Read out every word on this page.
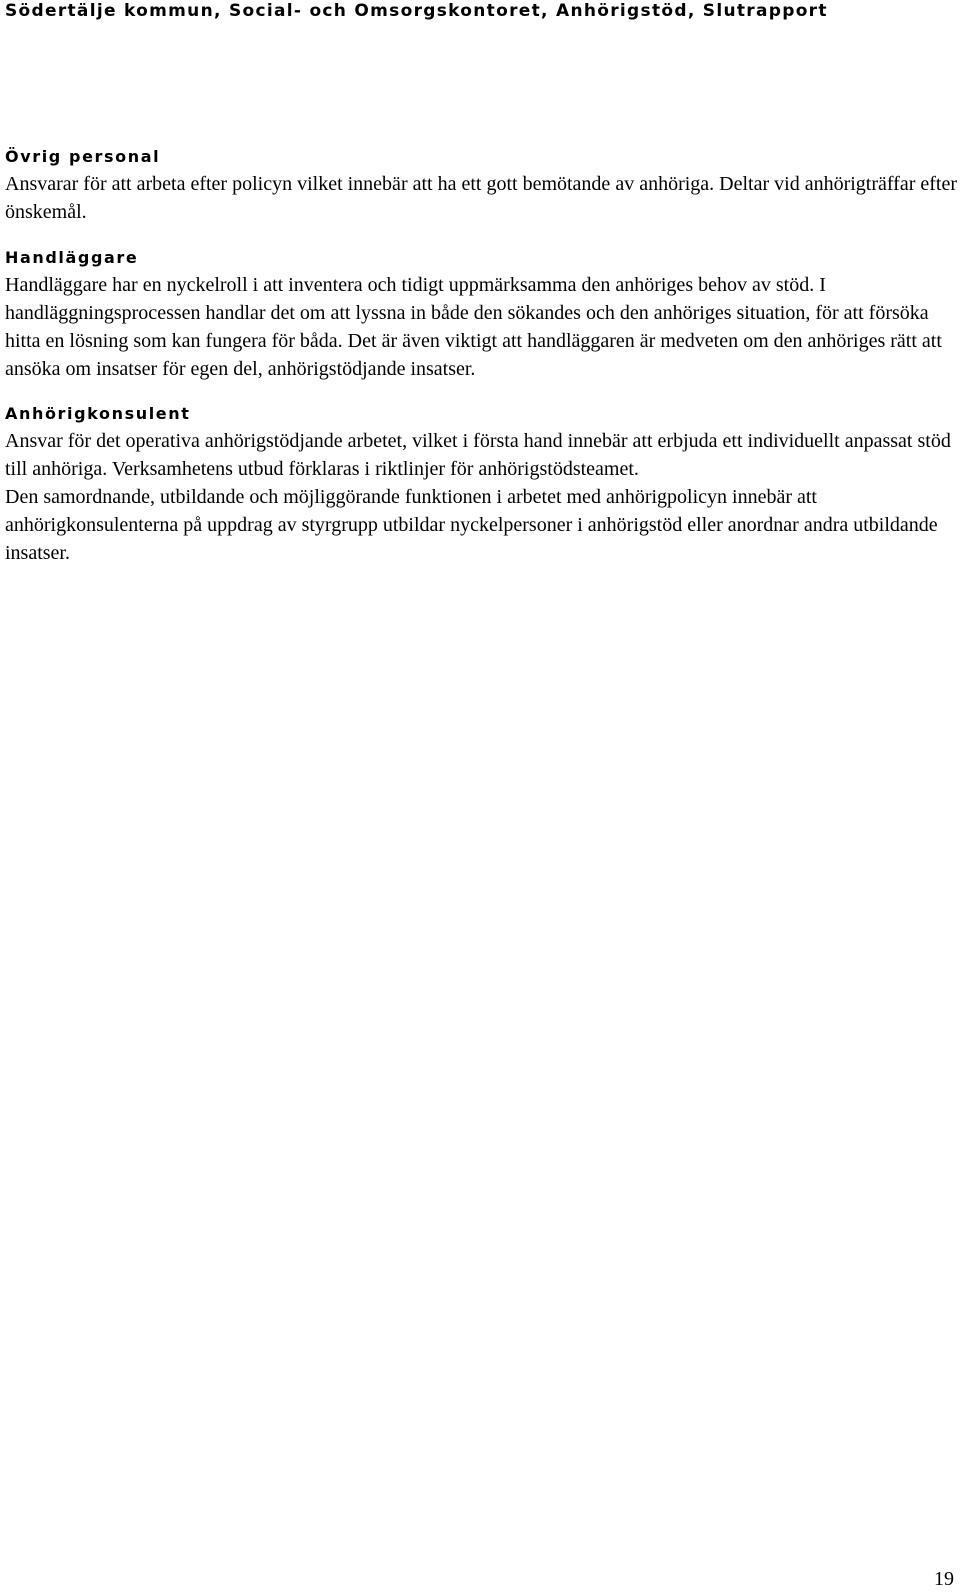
Södertälje kommun, Social- och Omsorgskontoret, Anhörigstöd, Slutrapport
Övrig personal

Ansvarar för att arbeta efter policyn vilket innebär att ha ett gott bemötande av anhöriga. Deltar vid anhörigträffar efter önskemål.

Handläggare

Handläggare har en nyckelroll i att inventera och tidigt uppmärksamma den anhöriges behov av stöd. I handläggningsprocessen handlar det om att lyssna in både den sökandes och den anhöriges situation, för att försöka hitta en lösning som kan fungera för båda. Det är även viktigt att handläggaren är medveten om den anhöriges rätt att ansöka om insatser för egen del, anhörigstödjande insatser.

Anhörigkonsulent

Ansvar för det operativa anhörigstödjande arbetet, vilket i första hand innebär att erbjuda ett individuellt anpassat stöd till anhöriga. Verksamhetens utbud förklaras i riktlinjer för anhörigstödsteamet.

Den samordnande, utbildande och möjliggörande funktionen i arbetet med anhörigpolicyn innebär att anhörigkonsulenterna på uppdrag av styrgrupp utbildar nyckelpersoner i anhörigstöd eller anordnar andra utbildande insatser.

19
